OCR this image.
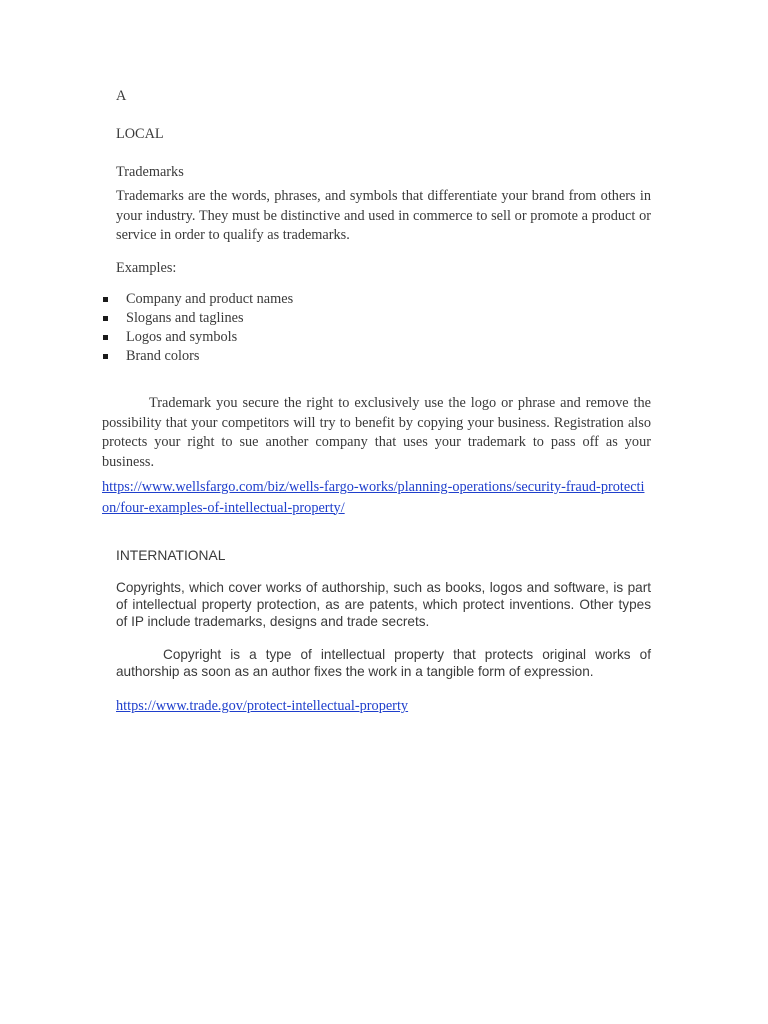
A
LOCAL
Trademarks

Trademarks are the words, phrases, and symbols that differentiate your brand from others in your industry. They must be distinctive and used in commerce to sell or promote a product or service in order to qualify as trademarks.

Examples:
Company and product names
Slogans and taglines
Logos and symbols
Brand colors

Trademark you secure the right to exclusively use the logo or phrase and remove the possibility that your competitors will try to benefit by copying your business. Registration also protects your right to sue another company that uses your trademark to pass off as your business.

https://www.wellsfargo.com/biz/wells-fargo-works/planning-operations/security-fraud-protection/four-examples-of-intellectual-property/
INTERNATIONAL

Copyrights, which cover works of authorship, such as books, logos and software, is part of intellectual property protection, as are patents, which protect inventions. Other types of IP include trademarks, designs and trade secrets.

Copyright is a type of intellectual property that protects original works of authorship as soon as an author fixes the work in a tangible form of expression.

https://www.trade.gov/protect-intellectual-property
